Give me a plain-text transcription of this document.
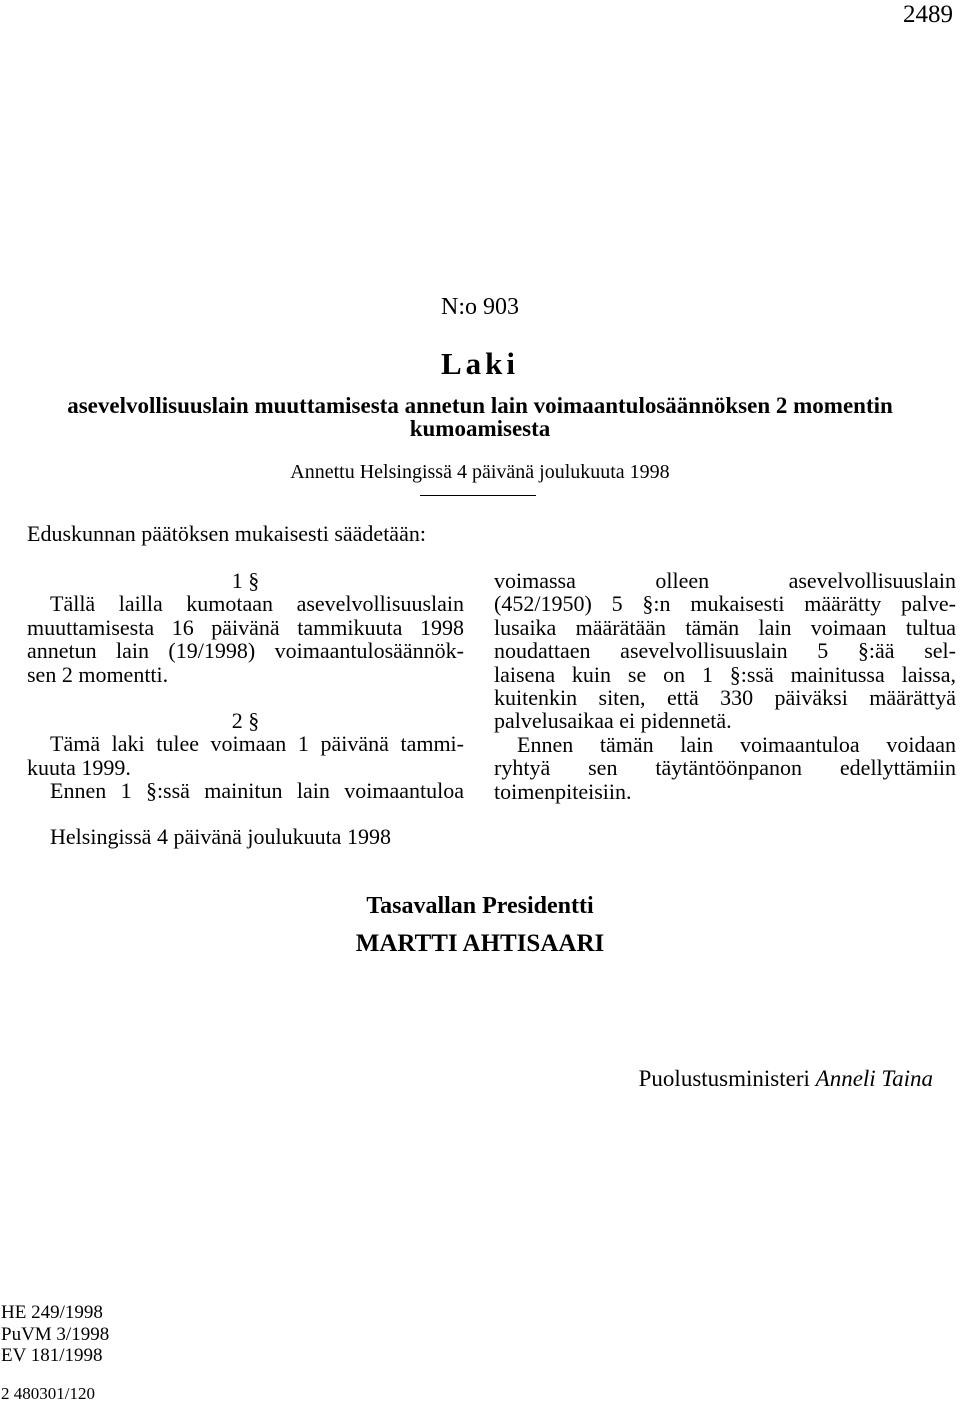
2489
N:o 903
Laki
asevelvollisuuslain muuttamisesta annetun lain voimaantulosäännöksen 2 momentin kumoamisesta
Annettu Helsingissä 4 päivänä joulukuuta 1998
Eduskunnan päätöksen mukaisesti säädetään:
1 §
Tällä lailla kumotaan asevelvollisuuslain
muuttamisesta 16 päivänä tammikuuta 1998
annetun lain (19/1998) voimaantulosäännök-
sen 2 momentti.
2 §
Tämä laki tulee voimaan 1 päivänä tammi-
kuuta 1999.
Ennen 1 §:ssä mainitun lain voimaantuloa
voimassa olleen asevelvollisuuslain
(452/1950) 5 §:n mukaisesti määrätty palve-
lusaika määrätään tämän lain voimaan tultua
noudattaen asevelvollisuuslain 5 §:ää sel-
laisena kuin se on 1 §:ssä mainitussa laissa,
kuitenkin siten, että 330 päiväksi määrättyä
palvelusaikaa ei pidennetä.
Ennen tämän lain voimaantuloa voidaan
ryhtyä sen täytäntöönpanon edellyttämiin
toimenpiteisiin.
Helsingissä 4 päivänä joulukuuta 1998
Tasavallan Presidentti
MARTTI AHTISAARI
Puolustusministeri Anneli Taina
HE 249/1998
PuVM 3/1998
EV 181/1998
2 480301/120
